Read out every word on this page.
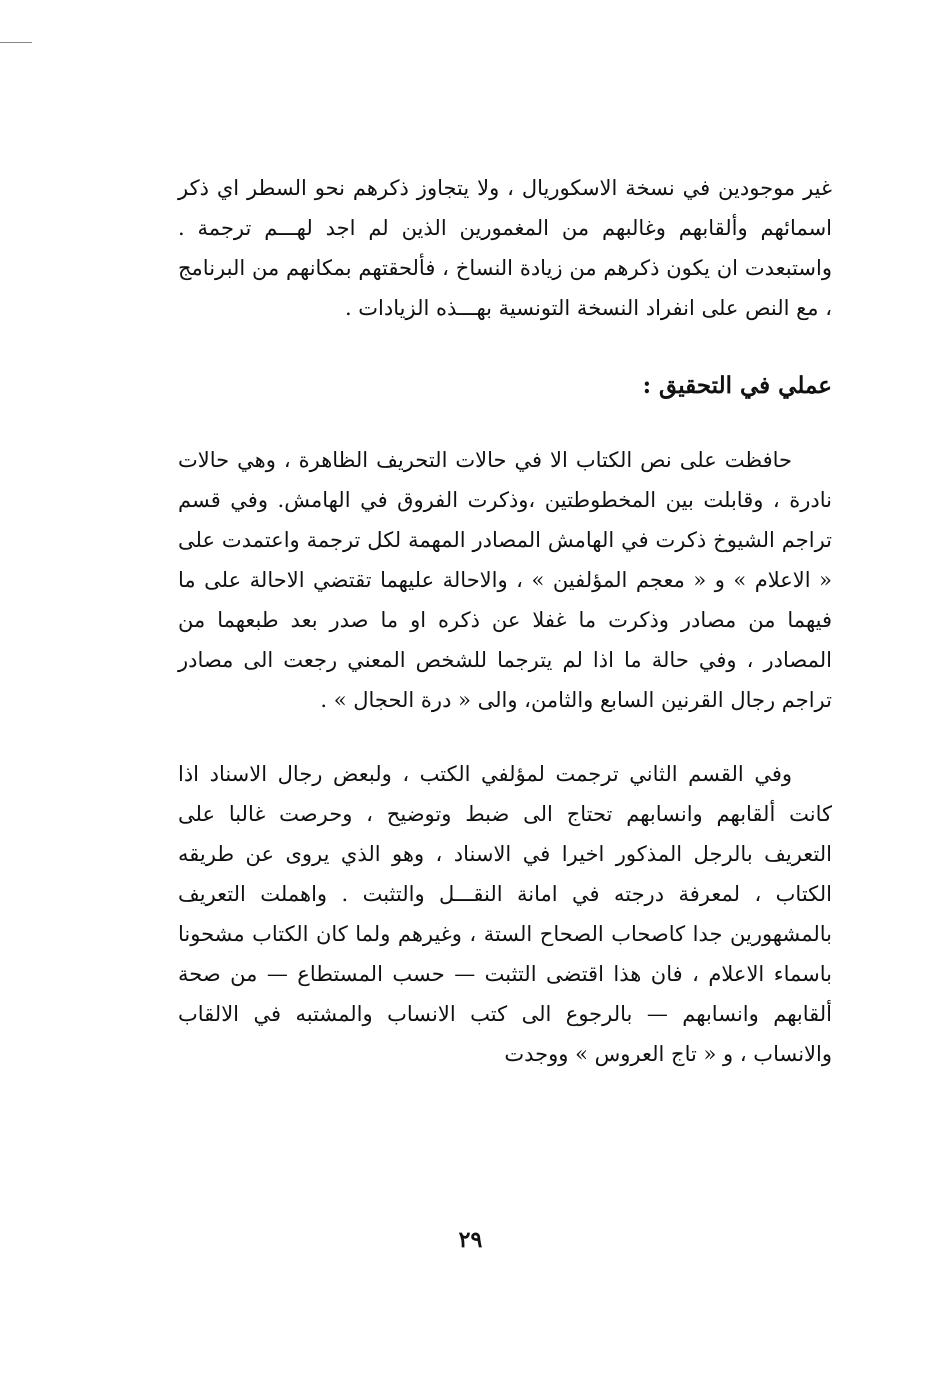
غير موجودين في نسخة الاسكوريال ، ولا يتجاوز ذكرهم نحو السطر اي ذكر اسمائهم وألقابهم وغالبهم من المغمورين الذين لم اجد لهـــم ترجمة . واستبعدت ان يكون ذكرهم من زيادة النساخ ، فألحقتهم بمكانهم من البرنامج ، مع النص على انفراد النسخة التونسية بهـــذه الزيادات .

عملي في التحقيق :

حافظت على نص الكتاب الا في حالات التحريف الظاهرة ، وهي حالات نادرة ، وقابلت بين المخطوطتين ،وذكرت الفروق في الهامش. وفي قسم تراجم الشيوخ ذكرت في الهامش المصادر المهمة لكل ترجمة واعتمدت على « الاعلام » و « معجم المؤلفين » ، والاحالة عليهما تقتضي الاحالة على ما فيهما من مصادر وذكرت ما غفلا عن ذكره او ما صدر بعد طبعهما من المصادر ، وفي حالة ما اذا لم يترجما للشخص المعني رجعت الى مصادر تراجم رجال القرنين السابع والثامن، والى « درة الحجال » .

وفي القسم الثاني ترجمت لمؤلفي الكتب ، ولبعض رجال الاسناد اذا كانت ألقابهم وانسابهم تحتاج الى ضبط وتوضيح ، وحرصت غالبا على التعريف بالرجل المذكور اخيرا في الاسناد ، وهو الذي يروى عن طريقه الكتاب ، لمعرفة درجته في امانة النقـــل والتثبت . واهملت التعريف بالمشهورين جدا كاصحاب الصحاح الستة ، وغيرهم ولما كان الكتاب مشحونا باسماء الاعلام ، فان هذا اقتضى التثبت — حسب المستطاع — من صحة ألقابهم وانسابهم — بالرجوع الى كتب الانساب والمشتبه في الالقاب والانساب ، و « تاج العروس » ووجدت

٢٩
